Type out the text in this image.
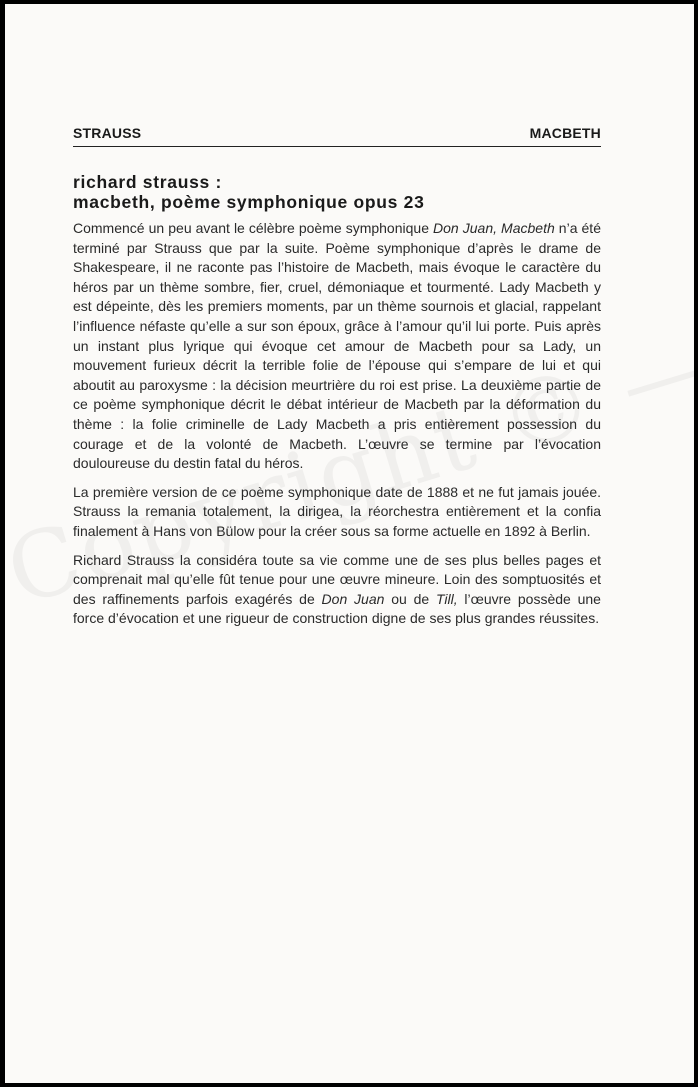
STRAUSS	MACBETH
richard strauss :
macbeth, poème symphonique opus 23

Commencé un peu avant le célèbre poème symphonique Don Juan, Macbeth n’a été terminé par Strauss que par la suite. Poème symphonique d’après le drame de Shakespeare, il ne raconte pas l’histoire de Macbeth, mais évoque le caractère du héros par un thème sombre, fier, cruel, démoniaque et tourmenté. Lady Macbeth y est dépeinte, dès les premiers moments, par un thème sournois et glacial, rappelant l’influence néfaste qu’elle a sur son époux, grâce à l’amour qu’il lui porte. Puis après un instant plus lyrique qui évoque cet amour de Macbeth pour sa Lady, un mouvement furieux décrit la terrible folie de l’épouse qui s’empare de lui et qui aboutit au paroxysme : la décision meurtrière du roi est prise. La deuxième partie de ce poème symphonique décrit le débat intérieur de Macbeth par la déformation du thème : la folie criminelle de Lady Macbeth a pris entièrement possession du courage et de la volonté de Macbeth. L’œuvre se termine par l’évocation douloureuse du destin fatal du héros.

La première version de ce poème symphonique date de 1888 et ne fut jamais jouée. Strauss la remania totalement, la dirigea, la réorchestra entièrement et la confia finalement à Hans von Bülow pour la créer sous sa forme actuelle en 1892 à Berlin.

Richard Strauss la considéra toute sa vie comme une de ses plus belles pages et comprenait mal qu’elle fût tenue pour une œuvre mineure. Loin des somptuosités et des raffinements parfois exagérés de Don Juan ou de Till, l’œuvre possède une force d’évocation et une rigueur de construction digne de ses plus grandes réussites.
